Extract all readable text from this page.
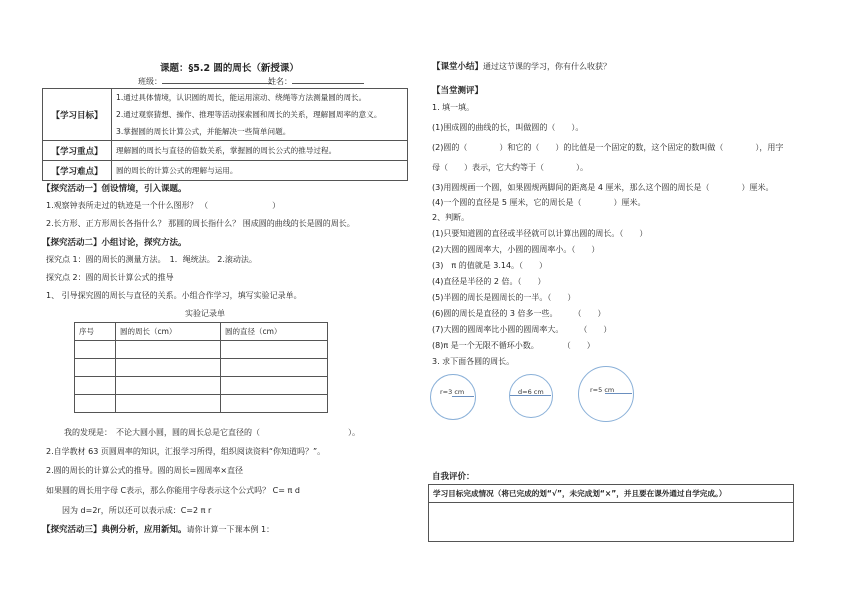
课题：§5.2 圆的周长（新授课）
班级：	姓名：
【学习目标】	1.通过具体情境，认识圆的周长，能运用滚动、绕绳等方法测量圆的周长。
2.通过观察猜想、操作、推理等活动探索圆和周长的关系，理解圆周率的意义。
3.掌握圆的周长计算公式，并能解决一些简单问题。

【学习重点】	理解圆的周长与直径的倍数关系，掌握圆的周长公式的推导过程。
【学习难点】	圆的周长的计算公式的理解与运用。
【探究活动一】创设情境，引入课题。
1.观察钟表所走过的轨迹是一个什么图形？ （　　　　　　　　）
2.长方形、正方形周长各指什么？ 那圆的周长指什么？ 围成圆的曲线的长是圆的周长。
【探究活动二】小组讨论，探究方法。
探究点 1：圆的周长的测量方法。　1．绳统法。 2.滚动法。
探究点 2：圆的周长计算公式的推导
1、 引导探究圆的周长与直径的关系。小组合作学习，填写实验记录单。
实验记录单
序号	圆的周长（cm）	圆的直径（cm）

我的发现是：　不论大圆小圆，圆的周长总是它直径的（　　　　　　　　　　　）。
2.自学教材 63 页圆周率的知识，汇报学习所得，组织阅读资料“你知道吗？”。
2.圆的周长的计算公式的推导。圆的周长=圆周率×直径
如果圆的周长用字母 C表示，那么你能用字母表示这个公式吗？ C= π d
因为 d=2r，所以还可以表示成：C=2 π r
【探究活动三】典例分析，应用新知。请你计算一下课本例 1：
【课堂小结】通过这节课的学习，你有什么收获？
【当堂测评】
1. 填一填。
(1)围成圆的曲线的长，叫做圆的（　　）。
(2)圆的（　　　　）和它的（　　）的比值是一个固定的数，这个固定的数叫做（　　　　），用字
母（　　）表示，它大约等于（　　　　）。
(3)用圆规画一个圆，如果圆规两脚间的距离是 4 厘米，那么这个圆的周长是（　　　　）厘米。
(4)一个圆的直径是 5 厘米，它的周长是（　　　　）厘米。
2、判断。
(1)只要知道圆的直径或半径就可以计算出圆的周长。（　　）
(2)大圆的圆周率大，小圆的圆周率小。（　　）
(3)　π 的值就是 3.14。（　　）
(4)直径是半径的 2 倍。（　　）
(5)半圆的周长是圆周长的一半。（　　）
(6)圆的周长是直径的 3 倍多一些。　　　（　　）
(7)大圆的圆周率比小圆的圆周率大。　　　（　　）
(8)π 是一个无限不循环小数。　　　　（　　）
3. 求下面各圆的周长。
r=3 cm	d=6 cm	r=5 cm
自我评价：
学习目标完成情况（将已完成的划“√”，未完成划“×”，并且要在课外通过自学完成。）
